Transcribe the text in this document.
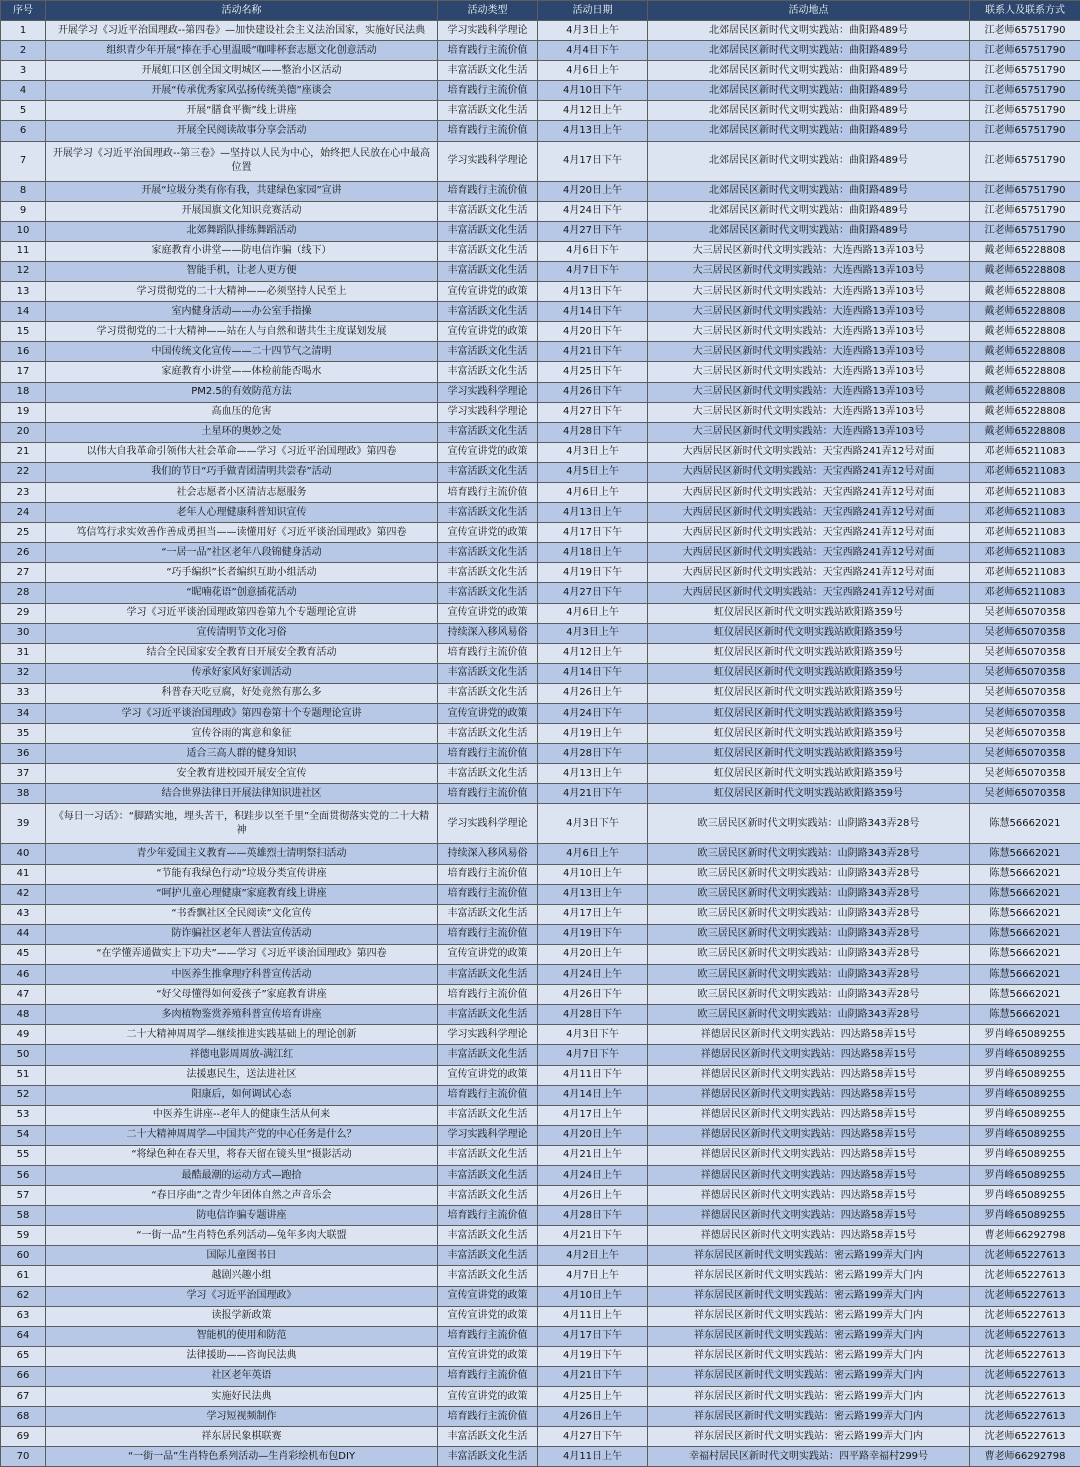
序号	活动名称	活动类型	活动日期	活动地点	联系人及联系方式
1	开展学习《习近平治国理政--第四卷》—加快建设社会主义法治国家，实施好民法典	学习实践科学理论	4月3日上午	北郊居民区新时代文明实践站：曲阳路489号	江老师65751790
2	组织青少年开展“捧在手心里温暖”咖啡杯套志愿文化创意活动	培育践行主流价值	4月4日下午	北郊居民区新时代文明实践站：曲阳路489号	江老师65751790
3	开展虹口区创全国文明城区——整治小区活动	丰富活跃文化生活	4月6日上午	北郊居民区新时代文明实践站：曲阳路489号	江老师65751790
4	开展“传承优秀家风弘扬传统美德”座谈会	培育践行主流价值	4月10日下午	北郊居民区新时代文明实践站：曲阳路489号	江老师65751790
5	开展“膳食平衡”线上讲座	丰富活跃文化生活	4月12日上午	北郊居民区新时代文明实践站：曲阳路489号	江老师65751790
6	开展全民阅读故事分享会活动	培育践行主流价值	4月13日上午	北郊居民区新时代文明实践站：曲阳路489号	江老师65751790
7	开展学习《习近平治国理政--第三卷》—坚持以人民为中心，始终把人民放在心中最高位置	学习实践科学理论	4月17日下午	北郊居民区新时代文明实践站：曲阳路489号	江老师65751790
8	开展“垃圾分类有你有我，共建绿色家园”宣讲	培育践行主流价值	4月20日上午	北郊居民区新时代文明实践站：曲阳路489号	江老师65751790
9	开展国旗文化知识竞赛活动	丰富活跃文化生活	4月24日下午	北郊居民区新时代文明实践站：曲阳路489号	江老师65751790
10	北郊舞蹈队排练舞蹈活动	丰富活跃文化生活	4月27日下午	北郊居民区新时代文明实践站：曲阳路489号	江老师65751790
11	家庭教育小讲堂——防电信诈骗（线下）	丰富活跃文化生活	4月6日下午	大三居民区新时代文明实践站：大连西路13弄103号	戴老师65228808
12	智能手机，让老人更方便	丰富活跃文化生活	4月7日下午	大三居民区新时代文明实践站：大连西路13弄103号	戴老师65228808
13	学习贯彻党的二十大精神——必须坚持人民至上	宣传宣讲党的政策	4月13日下午	大三居民区新时代文明实践站：大连西路13弄103号	戴老师65228808
14	室内健身活动——办公室手指操	丰富活跃文化生活	4月14日下午	大三居民区新时代文明实践站：大连西路13弄103号	戴老师65228808
15	学习贯彻党的二十大精神——站在人与自然和谐共生主度谋划发展	宣传宣讲党的政策	4月20日下午	大三居民区新时代文明实践站：大连西路13弄103号	戴老师65228808
16	中国传统文化宣传——二十四节气之清明	丰富活跃文化生活	4月21日下午	大三居民区新时代文明实践站：大连西路13弄103号	戴老师65228808
17	家庭教育小讲堂——体检前能否喝水	丰富活跃文化生活	4月25日下午	大三居民区新时代文明实践站：大连西路13弄103号	戴老师65228808
18	PM2.5的有效防范方法	学习实践科学理论	4月26日下午	大三居民区新时代文明实践站：大连西路13弄103号	戴老师65228808
19	高血压的危害	学习实践科学理论	4月27日下午	大三居民区新时代文明实践站：大连西路13弄103号	戴老师65228808
20	土星环的奥妙之处	丰富活跃文化生活	4月28日下午	大三居民区新时代文明实践站：大连西路13弄103号	戴老师65228808
21	以伟大自我革命引领伟大社会革命——学习《习近平治国理政》第四卷	宣传宣讲党的政策	4月3日上午	大西居民区新时代文明实践站：天宝西路241弄12号对面	邓老师65211083
22	我们的节日“巧手做青团清明共尝春”活动	丰富活跃文化生活	4月5日上午	大西居民区新时代文明实践站：天宝西路241弄12号对面	邓老师65211083
23	社会志愿者小区清洁志愿服务	培育践行主流价值	4月6日上午	大西居民区新时代文明实践站：天宝西路241弄12号对面	邓老师65211083
24	老年人心理健康科普知识宣传	丰富活跃文化生活	4月13日上午	大西居民区新时代文明实践站：天宝西路241弄12号对面	邓老师65211083
25	笃信笃行求实效善作善成勇担当——读懂用好《习近平谈治国理政》第四卷	宣传宣讲党的政策	4月17日下午	大西居民区新时代文明实践站：天宝西路241弄12号对面	邓老师65211083
26	“一居一品”社区老年八段锦健身活动	丰富活跃文化生活	4月18日上午	大西居民区新时代文明实践站：天宝西路241弄12号对面	邓老师65211083
27	“巧手编织”长者编织互助小组活动	丰富活跃文化生活	4月19日下午	大西居民区新时代文明实践站：天宝西路241弄12号对面	邓老师65211083
28	“昵喃花语”创意插花活动	丰富活跃文化生活	4月27日下午	大西居民区新时代文明实践站：天宝西路241弄12号对面	邓老师65211083
29	学习《习近平谈治国理政第四卷第九个专题理论宣讲	宣传宣讲党的政策	4月6日上午	虹仪居民区新时代文明实践站欧阳路359号	吴老师65070358
30	宣传清明节文化习俗	持续深入移风易俗	4月3日上午	虹仪居民区新时代文明实践站欧阳路359号	吴老师65070358
31	结合全民国家安全教育日开展安全教育活动	培育践行主流价值	4月12日上午	虹仪居民区新时代文明实践站欧阳路359号	吴老师65070358
32	传承好家风好家训活动	丰富活跃文化生活	4月14日下午	虹仪居民区新时代文明实践站欧阳路359号	吴老师65070358
33	科普春天吃豆腐，好处竟然有那么多	丰富活跃文化生活	4月26日上午	虹仪居民区新时代文明实践站欧阳路359号	吴老师65070358
34	学习《习近平谈治国理政》第四卷第十个专题理论宣讲	宣传宣讲党的政策	4月24日下午	虹仪居民区新时代文明实践站欧阳路359号	吴老师65070358
35	宣传谷雨的寓意和象征	丰富活跃文化生活	4月19日上午	虹仪居民区新时代文明实践站欧阳路359号	吴老师65070358
36	适合三高人群的健身知识	培育践行主流价值	4月28日下午	虹仪居民区新时代文明实践站欧阳路359号	吴老师65070358
37	安全教育进校园开展安全宣传	丰富活跃文化生活	4月13日上午	虹仪居民区新时代文明实践站欧阳路359号	吴老师65070358
38	结合世界法律日开展法律知识进社区	培育践行主流价值	4月21日下午	虹仪居民区新时代文明实践站欧阳路359号	吴老师65070358
39	《每日一习话》：“脚踏实地，埋头苦干，积跬步以至千里”全面贯彻落实党的二十大精神	学习实践科学理论	4月3日下午	欧三居民区新时代文明实践站：山阴路343弄28号	陈慧56662021
40	青少年爱国主义教育——英雄烈士清明祭扫活动	持续深入移风易俗	4月6日上午	欧三居民区新时代文明实践站：山阴路343弄28号	陈慧56662021
41	“节能有我绿色行动”垃圾分类宣传讲座	培育践行主流价值	4月10日上午	欧三居民区新时代文明实践站：山阴路343弄28号	陈慧56662021
42	“呵护儿童心理健康”家庭教育线上讲座	培育践行主流价值	4月13日上午	欧三居民区新时代文明实践站：山阴路343弄28号	陈慧56662021
43	“书香飘社区全民阅读”文化宣传	丰富活跃文化生活	4月17日上午	欧三居民区新时代文明实践站：山阴路343弄28号	陈慧56662021
44	防诈骗社区老年人普法宣传活动	培育践行主流价值	4月19日下午	欧三居民区新时代文明实践站：山阴路343弄28号	陈慧56662021
45	“在学懂弄通做实上下功夫”——学习《习近平谈治国理政》第四卷	宣传宣讲党的政策	4月20日上午	欧三居民区新时代文明实践站：山阴路343弄28号	陈慧56662021
46	中医养生推拿理疗科普宣传活动	丰富活跃文化生活	4月24日上午	欧三居民区新时代文明实践站：山阴路343弄28号	陈慧56662021
47	“好父母懂得如何爱孩子”家庭教育讲座	培育践行主流价值	4月26日下午	欧三居民区新时代文明实践站：山阴路343弄28号	陈慧56662021
48	多肉植物鉴赏养殖科普宣传培育讲座	丰富活跃文化生活	4月28日下午	欧三居民区新时代文明实践站：山阴路343弄28号	陈慧56662021
49	二十大精神周周学—继续推进实践基础上的理论创新	学习实践科学理论	4月3日下午	祥德居民区新时代文明实践站：四达路58弄15号	罗肖峰65089255
50	祥德电影周周放-满江红	丰富活跃文化生活	4月7日下午	祥德居民区新时代文明实践站：四达路58弄15号	罗肖峰65089255
51	法援惠民生，送法进社区	宣传宣讲党的政策	4月11日下午	祥德居民区新时代文明实践站：四达路58弄15号	罗肖峰65089255
52	阳康后，如何调试心态	培育践行主流价值	4月14日上午	祥德居民区新时代文明实践站：四达路58弄15号	罗肖峰65089255
53	中医养生讲座--老年人的健康生活从何来	丰富活跃文化生活	4月17日上午	祥德居民区新时代文明实践站：四达路58弄15号	罗肖峰65089255
54	二十大精神周周学—中国共产党的中心任务是什么？	学习实践科学理论	4月20日上午	祥德居民区新时代文明实践站：四达路58弄15号	罗肖峰65089255
55	“将绿色种在春天里，将春天留在镜头里“摄影活动	丰富活跃文化生活	4月21日上午	祥德居民区新时代文明实践站：四达路58弄15号	罗肖峰65089255
56	最酷最潮的运动方式—跑拾	丰富活跃文化生活	4月24日上午	祥德居民区新时代文明实践站：四达路58弄15号	罗肖峰65089255
57	“春日序曲”之青少年团体自然之声音乐会	丰富活跃文化生活	4月26日上午	祥德居民区新时代文明实践站：四达路58弄15号	罗肖峰65089255
58	防电信诈骗专题讲座	培育践行主流价值	4月28日下午	祥德居民区新时代文明实践站：四达路58弄15号	罗肖峰65089255
59	“一街一品”生肖特色系列活动—兔年多肉大联盟	丰富活跃文化生活	4月21日下午	祥德居民区新时代文明实践站：四达路58弄15号	曹老师66292798
60	国际儿童图书日	丰富活跃文化生活	4月2日上午	祥东居民区新时代文明实践站：密云路199弄大门内	沈老师65227613
61	越剧兴趣小组	丰富活跃文化生活	4月7日上午	祥东居民区新时代文明实践站：密云路199弄大门内	沈老师65227613
62	学习《习近平治国理政》	宣传宣讲党的政策	4月10日上午	祥东居民区新时代文明实践站：密云路199弄大门内	沈老师65227613
63	读报学新政策	宣传宣讲党的政策	4月11日上午	祥东居民区新时代文明实践站：密云路199弄大门内	沈老师65227613
64	智能机的使用和防范	培育践行主流价值	4月17日下午	祥东居民区新时代文明实践站：密云路199弄大门内	沈老师65227613
65	法律援助——咨询民法典	宣传宣讲党的政策	4月19日下午	祥东居民区新时代文明实践站：密云路199弄大门内	沈老师65227613
66	社区老年英语	培育践行主流价值	4月21日下午	祥东居民区新时代文明实践站：密云路199弄大门内	沈老师65227613
67	实施好民法典	宣传宣讲党的政策	4月25日上午	祥东居民区新时代文明实践站：密云路199弄大门内	沈老师65227613
68	学习短视频制作	培育践行主流价值	4月26日上午	祥东居民区新时代文明实践站：密云路199弄大门内	沈老师65227613
69	祥东居民象棋联赛	丰富活跃文化生活	4月27日下午	祥东居民区新时代文明实践站：密云路199弄大门内	沈老师65227613
70	“一街一品”生肖特色系列活动—生肖彩绘机布包DIY	丰富活跃文化生活	4月11日上午	幸福村居民区新时代文明实践站：四平路幸福村299号	曹老师66292798
